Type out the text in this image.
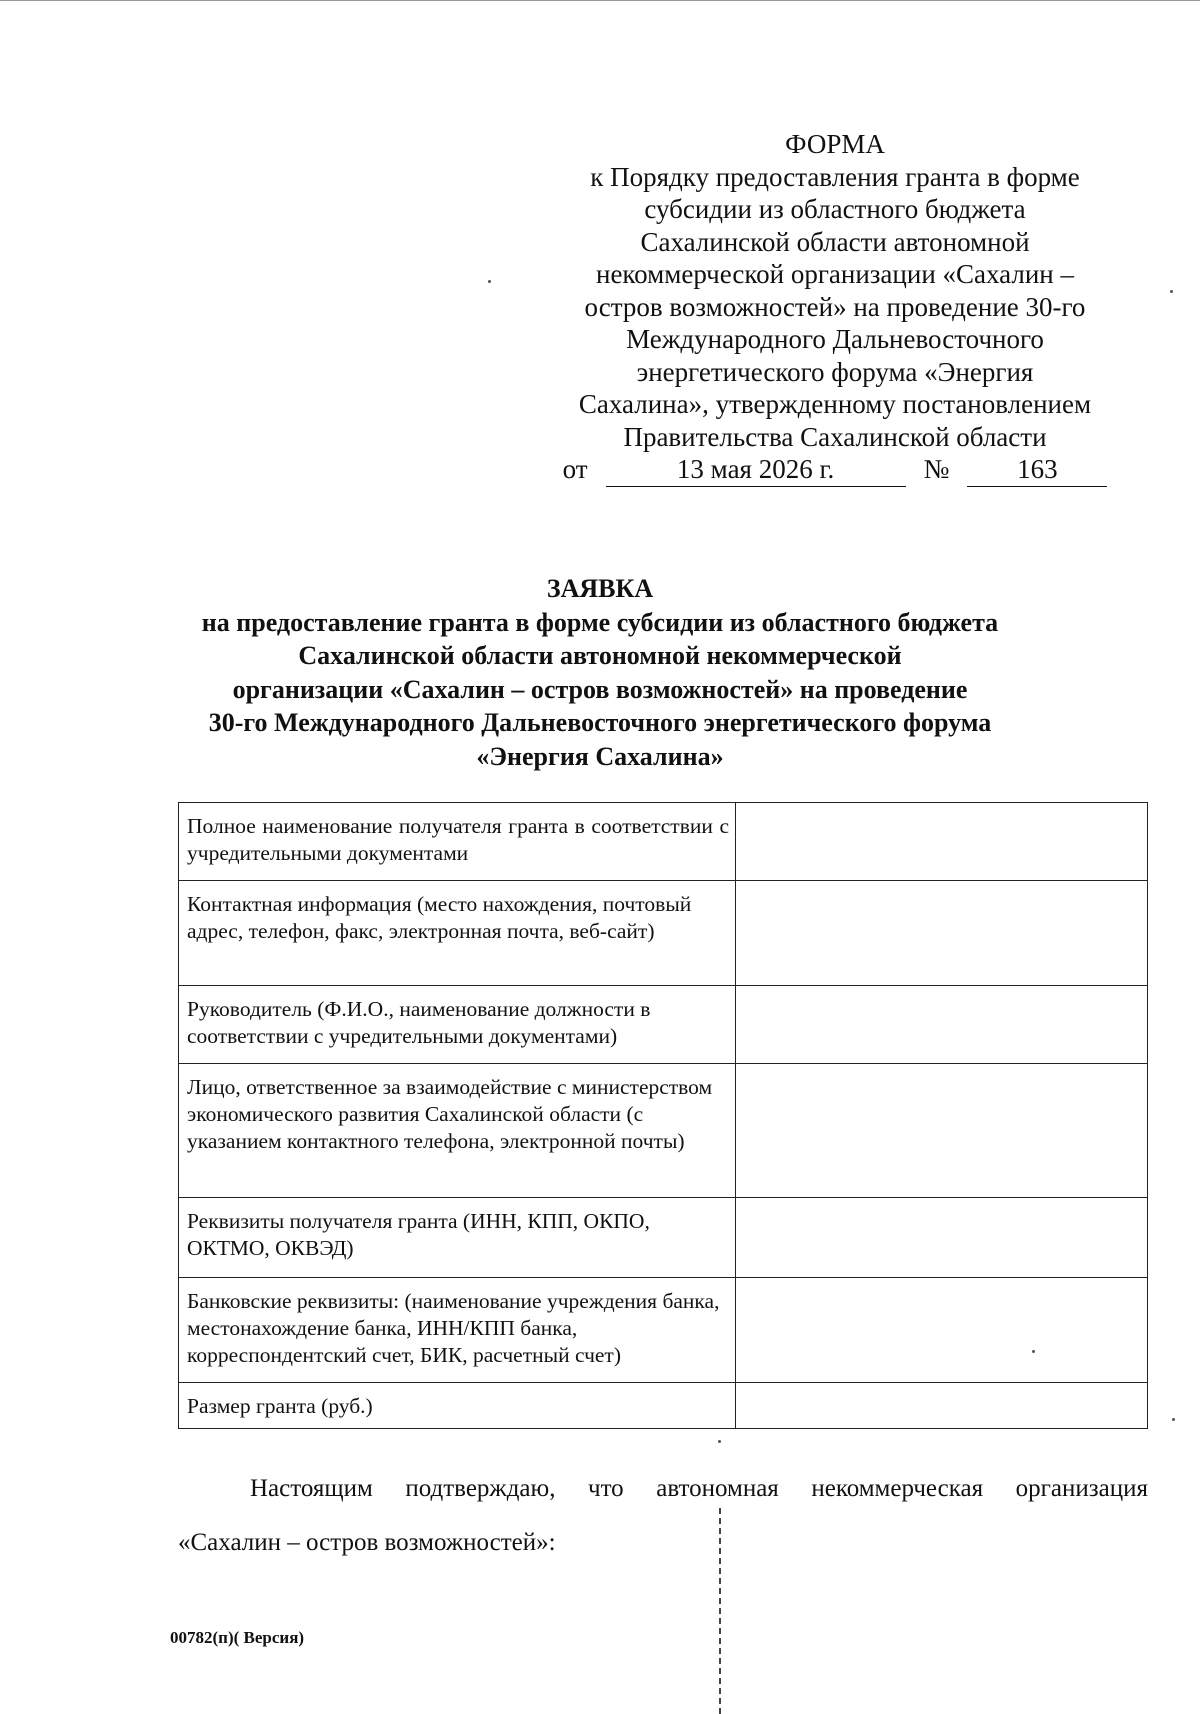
ФОРМА
к Порядку предоставления гранта в форме
субсидии из областного бюджета
Сахалинской области автономной
некоммерческой организации «Сахалин –
остров возможностей» на проведение 30-го
Международного Дальневосточного
энергетического форума «Энергия
Сахалина», утвержденному постановлением
Правительства Сахалинской области
от	13 мая 2026 г.	№	163
ЗАЯВКА
на предоставление гранта в форме субсидии из областного бюджета
Сахалинской области автономной некоммерческой
организации «Сахалин – остров возможностей» на проведение
30-го Международного Дальневосточного энергетического форума
«Энергия Сахалина»
Полное наименование получателя гранта в соответствии с учредительными документами	
Контактная информация (место нахождения, почтовый адрес, телефон, факс, электронная почта, веб-сайт)	
Руководитель (Ф.И.О., наименование должности в соответствии с учредительными документами)	
Лицо, ответственное за взаимодействие с министерством экономического развития Сахалинской области (с указанием контактного телефона, электронной почты)	
Реквизиты получателя гранта (ИНН, КПП, ОКПО, ОКТМО, ОКВЭД)	
Банковские реквизиты: (наименование учреждения банка, местонахождение банка, ИНН/КПП банка, корреспондентский счет, БИК, расчетный счет)	
Размер гранта (руб.)	
Настоящим подтверждаю, что автономная некоммерческая организация
«Сахалин – остров возможностей»:
00782(п)( Версия)
